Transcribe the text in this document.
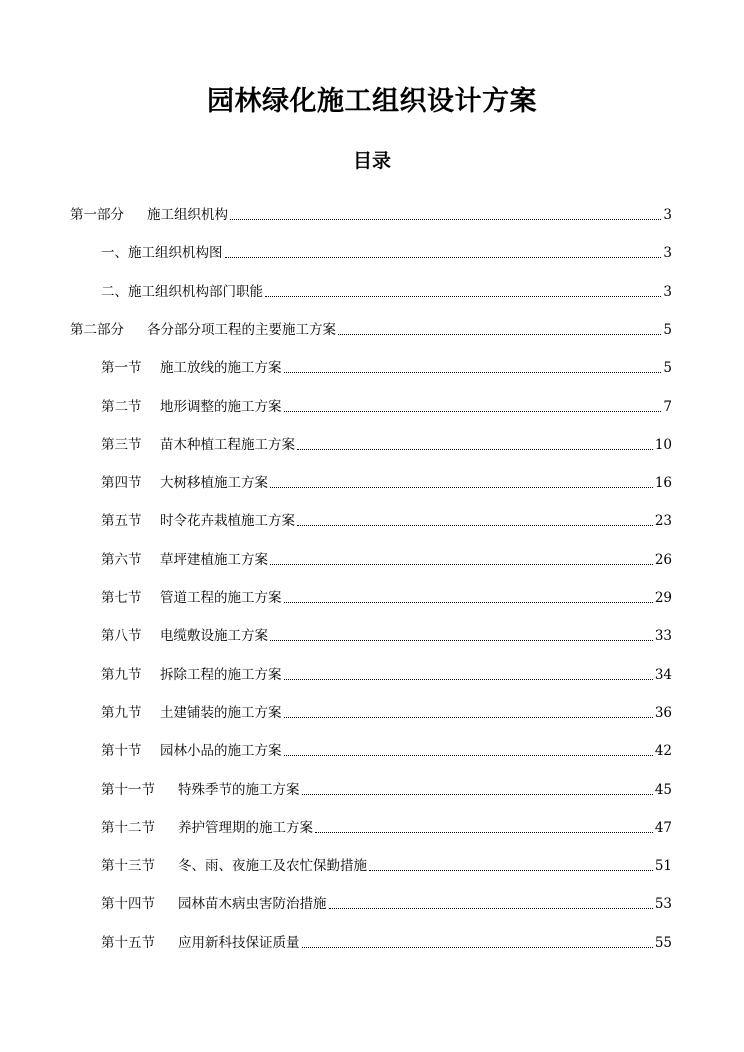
园林绿化施工组织设计方案
目录
第一部分	施工组织机构	3
一、施工组织机构图	3
二、施工组织机构部门职能	3
第二部分	各分部分项工程的主要施工方案	5
第一节	施工放线的施工方案	5
第二节	地形调整的施工方案	7
第三节	苗木种植工程施工方案	10
第四节	大树移植施工方案	16
第五节	时令花卉栽植施工方案	23
第六节	草坪建植施工方案	26
第七节	管道工程的施工方案	29
第八节	电缆敷设施工方案	33
第九节	拆除工程的施工方案	34
第九节	土建铺装的施工方案	36
第十节	园林小品的施工方案	42
第十一节	特殊季节的施工方案	45
第十二节	养护管理期的施工方案	47
第十三节	冬、雨、夜施工及农忙保勤措施	51
第十四节	园林苗木病虫害防治措施	53
第十五节	应用新科技保证质量	55
